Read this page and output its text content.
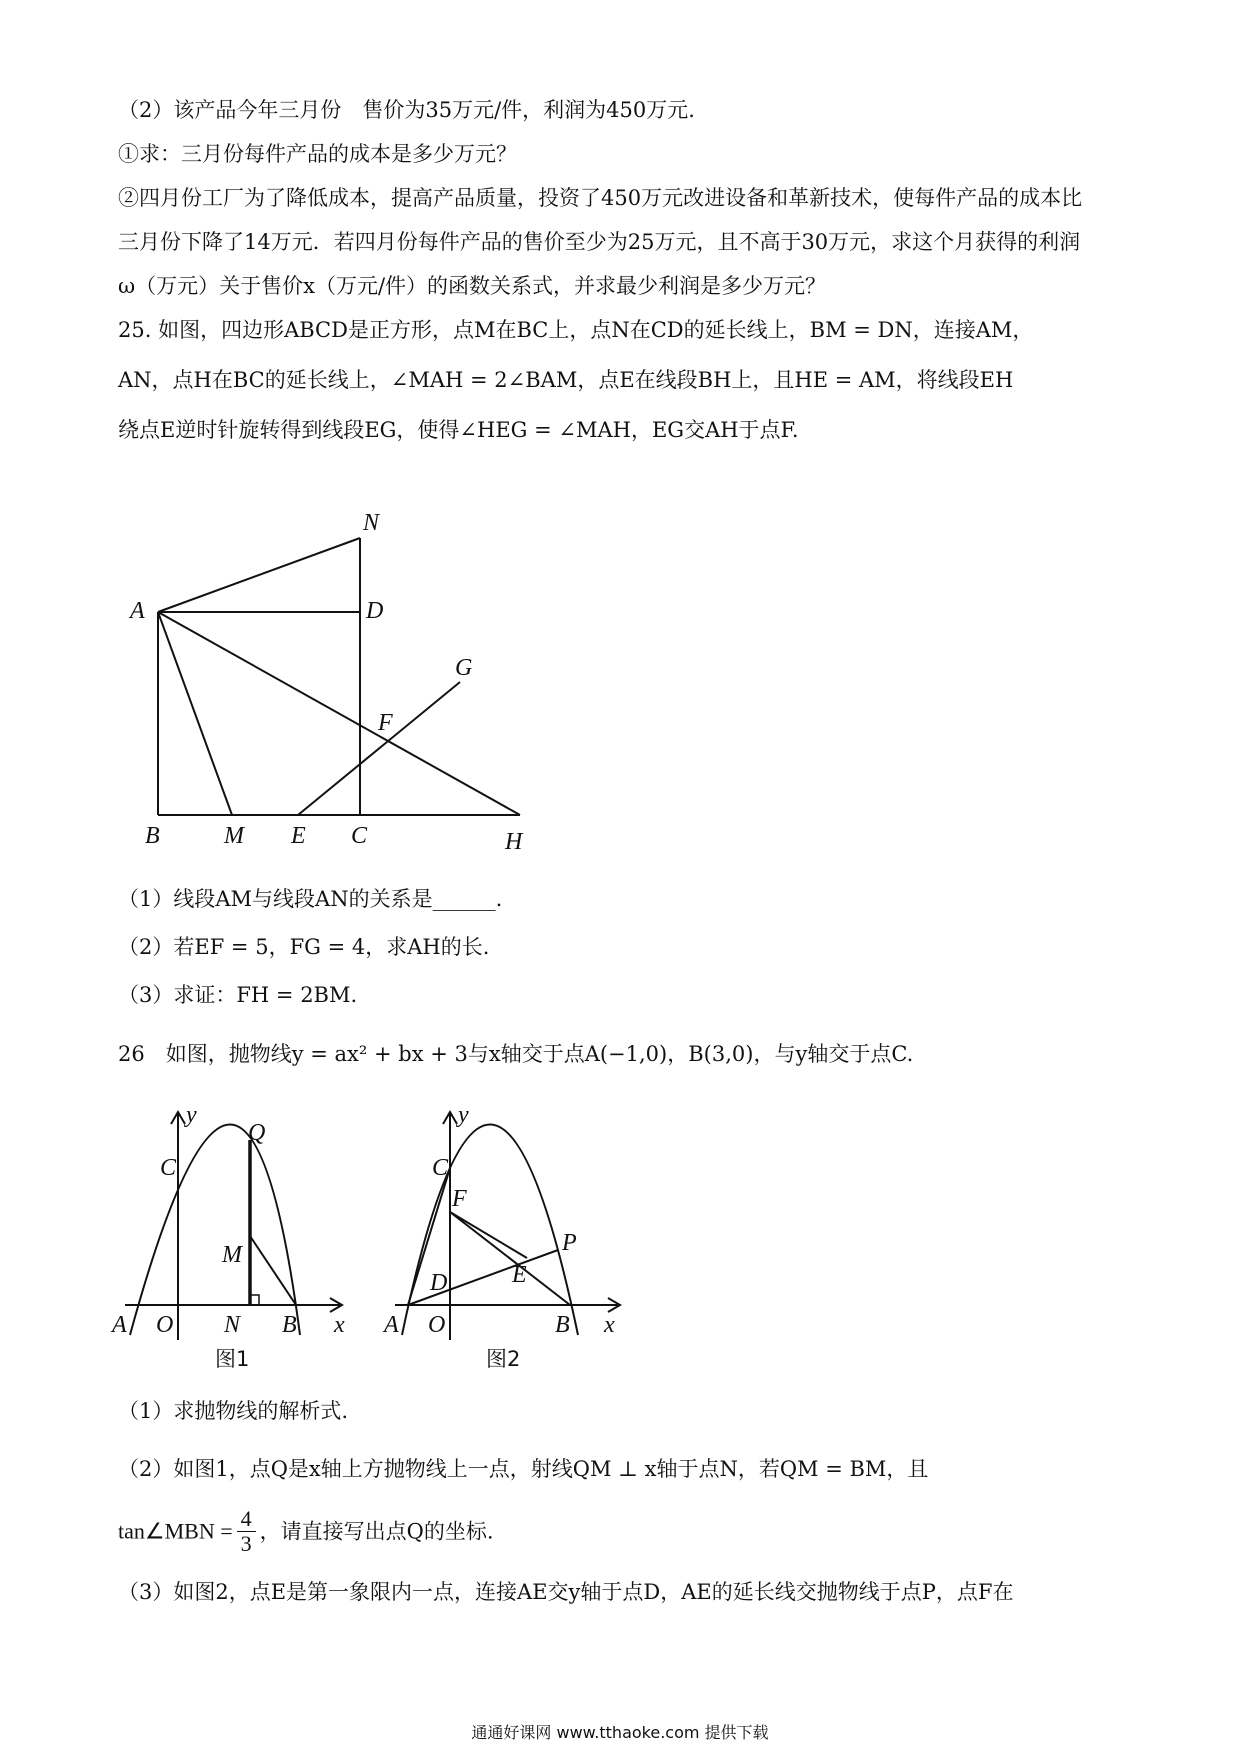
（2）该产品今年三月份　售价为35万元/件，利润为450万元.
①求：三月份每件产品的成本是多少万元？
②四月份工厂为了降低成本，提高产品质量，投资了450万元改进设备和革新技术，使每件产品的成本比
三月份下降了14万元．若四月份每件产品的售价至少为25万元，且不高于30万元，求这个月获得的利润
ω（万元）关于售价x（万元/件）的函数关系式，并求最少利润是多少万元？
25. 如图，四边形ABCD是正方形，点M在BC上，点N在CD的延长线上，BM = DN，连接AM，
AN，点H在BC的延长线上，∠MAH = 2∠BAM，点E在线段BH上，且HE = AM，将线段EH
绕点E逆时针旋转得到线段EG，使得∠HEG = ∠MAH，EG交AH于点F.
N
A	D
G
F
B	M E C	H
（1）线段AM与线段AN的关系是______.
（2）若EF = 5，FG = 4，求AH的长.
（3）求证：FH = 2BM.
26　如图，抛物线y = ax² + bx + 3与x轴交于点A(−1,0)，B(3,0)，与y轴交于点C.
y
x
C
Q
M
A O N B
图1
y
x
C
F
P
E
D
A O	B
图2
（1）求抛物线的解析式.
（2）如图1，点Q是x轴上方抛物线上一点，射线QM ⊥ x轴于点N，若QM = BM，且
tan∠MBN = $\frac{4}{3}$ ，请直接写出点Q的坐标.
（3）如图2，点E是第一象限内一点，连接AE交y轴于点D，AE的延长线交抛物线于点P，点F在
通通好课网 www.tthaoke.com 提供下载
